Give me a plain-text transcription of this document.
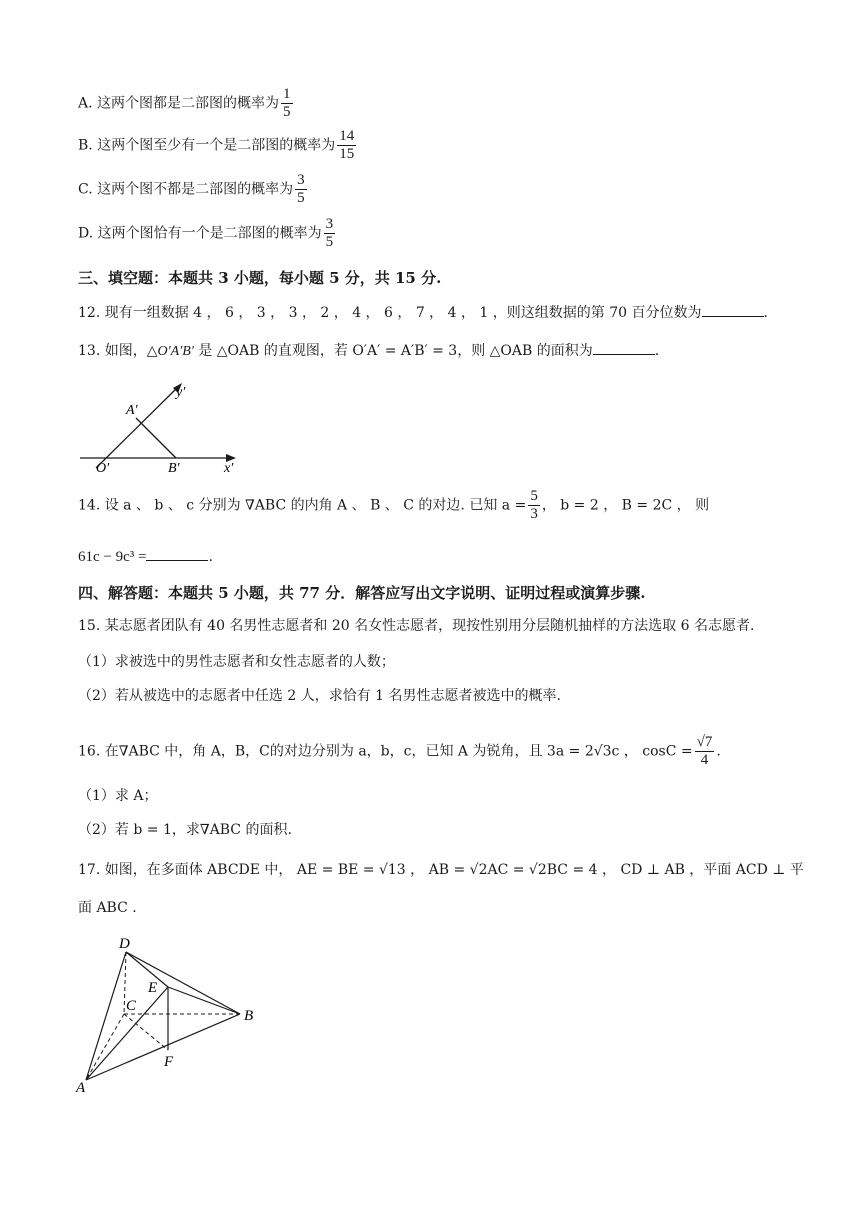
A. 这两个图都是二部图的概率为 $\frac{1}{5}$
B. 这两个图至少有一个是二部图的概率为 $\frac{14}{15}$
C. 这两个图不都是二部图的概率为 $\frac{3}{5}$
D. 这两个图恰有一个是二部图的概率为 $\frac{3}{5}$
三、填空题：本题共 3 小题，每小题 5 分，共 15 分.
12. 现有一组数据 4 ， 6 ， 3 ， 3 ， 2 ， 4 ， 6 ， 7 ， 4 ， 1 ，则这组数据的第 70 百分位数为	.
13. 如图，△O′A′B′ 是 △OAB 的直观图，若 O′A′ = A′B′ = 3，则 △OAB 的面积为	.
y′
A′
O′	B′	x′
14. 设 a 、 b 、 c 分别为 ∇ABC 的内角 A 、 B 、 C 的对边. 已知 $a = \frac{5}{3}$ ， b = 2 ， B = 2C ， 则
61c − 9c³ =	.
四、解答题：本题共 5 小题，共 77 分．解答应写出文字说明、证明过程或演算步骤.
15. 某志愿者团队有 40 名男性志愿者和 20 名女性志愿者，现按性别用分层随机抽样的方法选取 6 名志愿者.
（1）求被选中的男性志愿者和女性志愿者的人数；
（2）若从被选中的志愿者中任选 2 人，求恰有 1 名男性志愿者被选中的概率.
16. 在∇ABC 中，角 A，B，C的对边分别为 a，b，c，已知 A 为锐角，且 3a = 2√3c ， $\cos C = \frac{√7}{4}$ .
（1）求 A；
（2）若 b = 1，求∇ABC 的面积.
17. 如图，在多面体 ABCDE 中， AE = BE = √13 ， AB = √2AC = √2BC = 4 ， CD ⊥ AB ，平面 ACD ⊥ 平
面 ABC .
D
E
C
B
F
A
